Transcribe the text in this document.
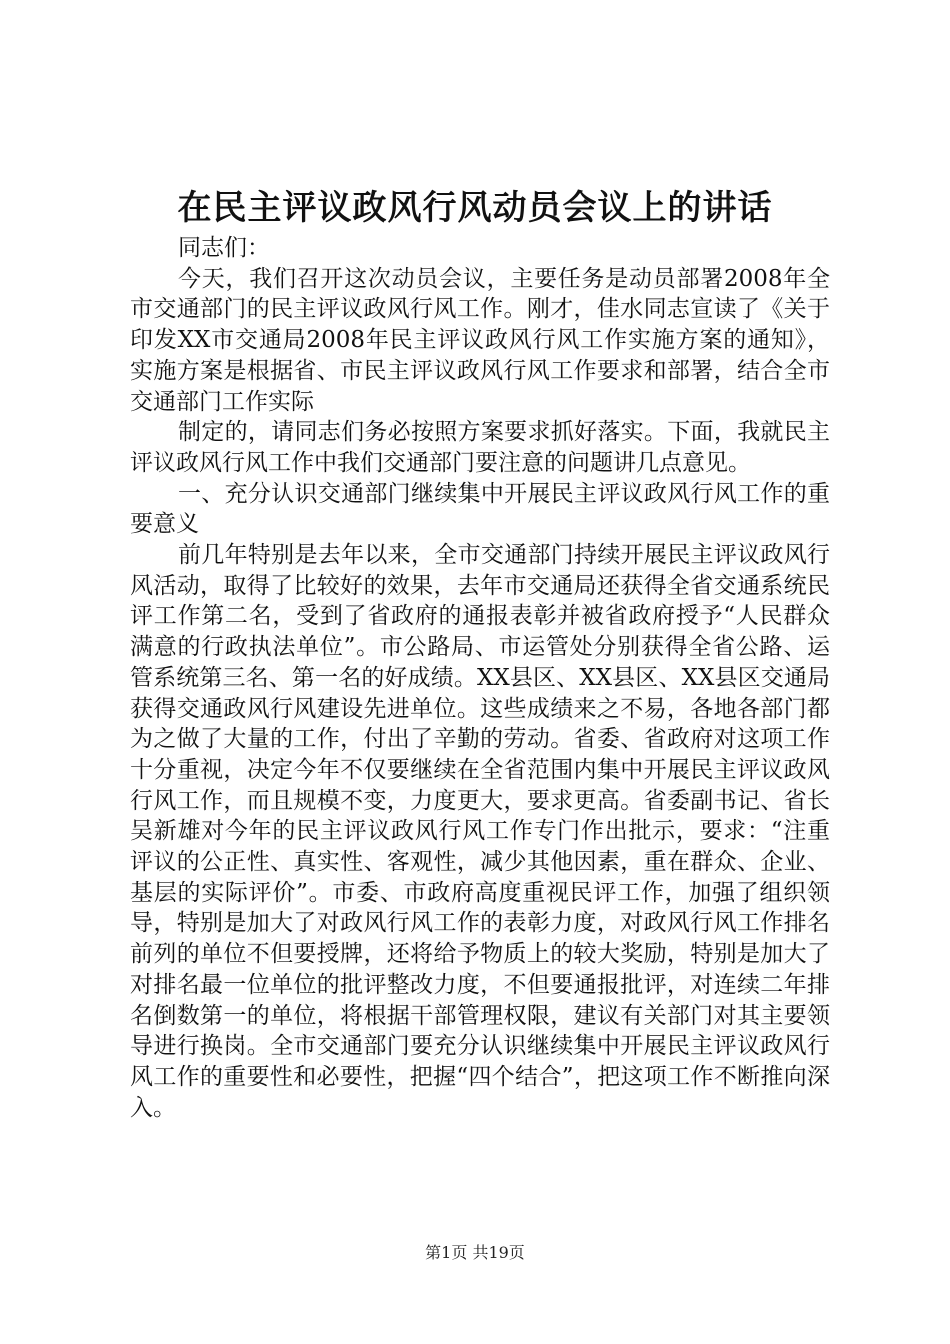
在民主评议政风行风动员会议上的讲话

同志们：

今天，我们召开这次动员会议，主要任务是动员部署2008年全市交通部门的民主评议政风行风工作。刚才，佳水同志宣读了《关于印发XX市交通局2008年民主评议政风行风工作实施方案的通知》，实施方案是根据省、市民主评议政风行风工作要求和部署，结合全市交通部门工作实际

制定的，请同志们务必按照方案要求抓好落实。下面，我就民主评议政风行风工作中我们交通部门要注意的问题讲几点意见。

一、充分认识交通部门继续集中开展民主评议政风行风工作的重要意义

前几年特别是去年以来，全市交通部门持续开展民主评议政风行风活动，取得了比较好的效果，去年市交通局还获得全省交通系统民评工作第二名，受到了省政府的通报表彰并被省政府授予“人民群众满意的行政执法单位”。市公路局、市运管处分别获得全省公路、运管系统第三名、第一名的好成绩。XX县区、XX县区、XX县区交通局获得交通政风行风建设先进单位。这些成绩来之不易，各地各部门都为之做了大量的工作，付出了辛勤的劳动。省委、省政府对这项工作十分重视，决定今年不仅要继续在全省范围内集中开展民主评议政风行风工作，而且规模不变，力度更大，要求更高。省委副书记、省长吴新雄对今年的民主评议政风行风工作专门作出批示，要求：“注重评议的公正性、真实性、客观性，减少其他因素，重在群众、企业、基层的实际评价”。市委、市政府高度重视民评工作，加强了组织领导，特别是加大了对政风行风工作的表彰力度，对政风行风工作排名前列的单位不但要授牌，还将给予物质上的较大奖励，特别是加大了对排名最一位单位的批评整改力度，不但要通报批评，对连续二年排名倒数第一的单位，将根据干部管理权限，建议有关部门对其主要领导进行换岗。全市交通部门要充分认识继续集中开展民主评议政风行风工作的重要性和必要性，把握“四个结合”，把这项工作不断推向深入。

第1页 共19页
